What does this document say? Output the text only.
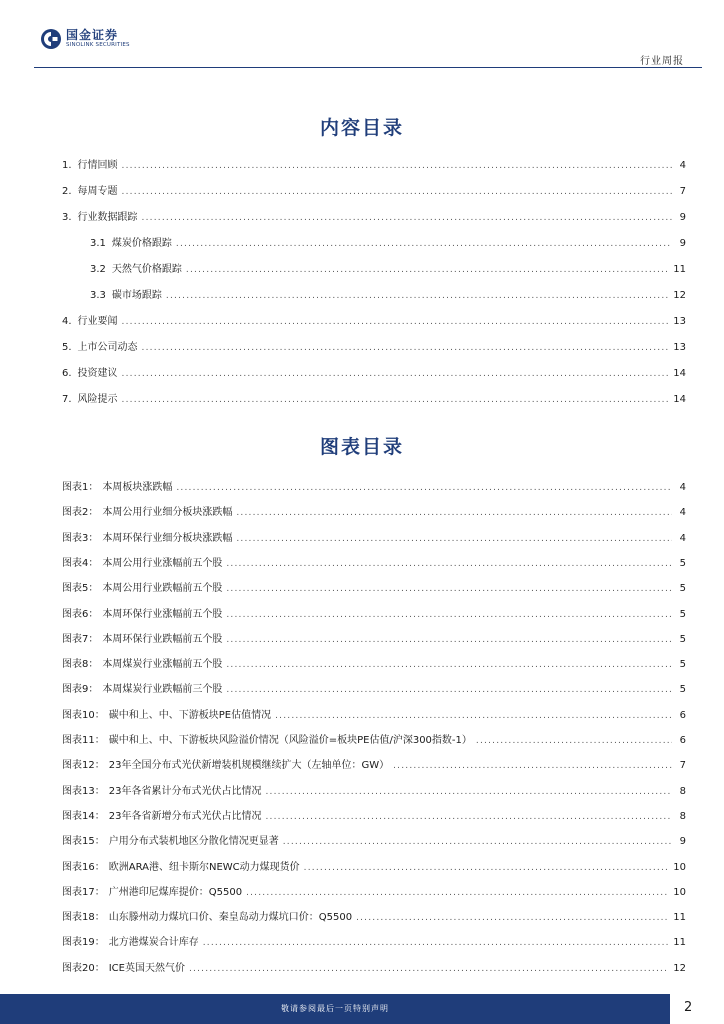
国金证券
SINOLINK SECURITIES
行业周报
内容目录
1. 行情回顾 .....	4
2. 每周专题 .....	7
3. 行业数据跟踪 .....	9
3.1 煤炭价格跟踪 .....	9
3.2 天然气价格跟踪 .....	11
3.3 碳市场跟踪 .....	12
4. 行业要闻 .....	13
5. 上市公司动态 .....	13
6. 投资建议 .....	14
7. 风险提示 .....	14
图表目录
图表1： 本周板块涨跌幅 .....	4
图表2： 本周公用行业细分板块涨跌幅 .....	4
图表3： 本周环保行业细分板块涨跌幅 .....	4
图表4： 本周公用行业涨幅前五个股 .....	5
图表5： 本周公用行业跌幅前五个股 .....	5
图表6： 本周环保行业涨幅前五个股 .....	5
图表7： 本周环保行业跌幅前五个股 .....	5
图表8： 本周煤炭行业涨幅前五个股 .....	5
图表9： 本周煤炭行业跌幅前三个股 .....	5
图表10： 碳中和上、中、下游板块PE估值情况 .....	6
图表11： 碳中和上、中、下游板块风险溢价情况（风险溢价=板块PE估值/沪深300指数-1） .....	6
图表12： 23年全国分布式光伏新增装机规模继续扩大（左轴单位：GW） .....	7
图表13： 23年各省累计分布式光伏占比情况 .....	8
图表14： 23年各省新增分布式光伏占比情况 .....	8
图表15： 户用分布式装机地区分散化情况更显著 .....	9
图表16： 欧洲ARA港、纽卡斯尔NEWC动力煤现货价 .....	10
图表17： 广州港印尼煤库提价：Q5500 .....	10
图表18： 山东滕州动力煤坑口价、秦皇岛动力煤坑口价：Q5500 .....	11
图表19： 北方港煤炭合计库存 .....	11
图表20： ICE英国天然气价 .....	12
敬请参阅最后一页特别声明	2
